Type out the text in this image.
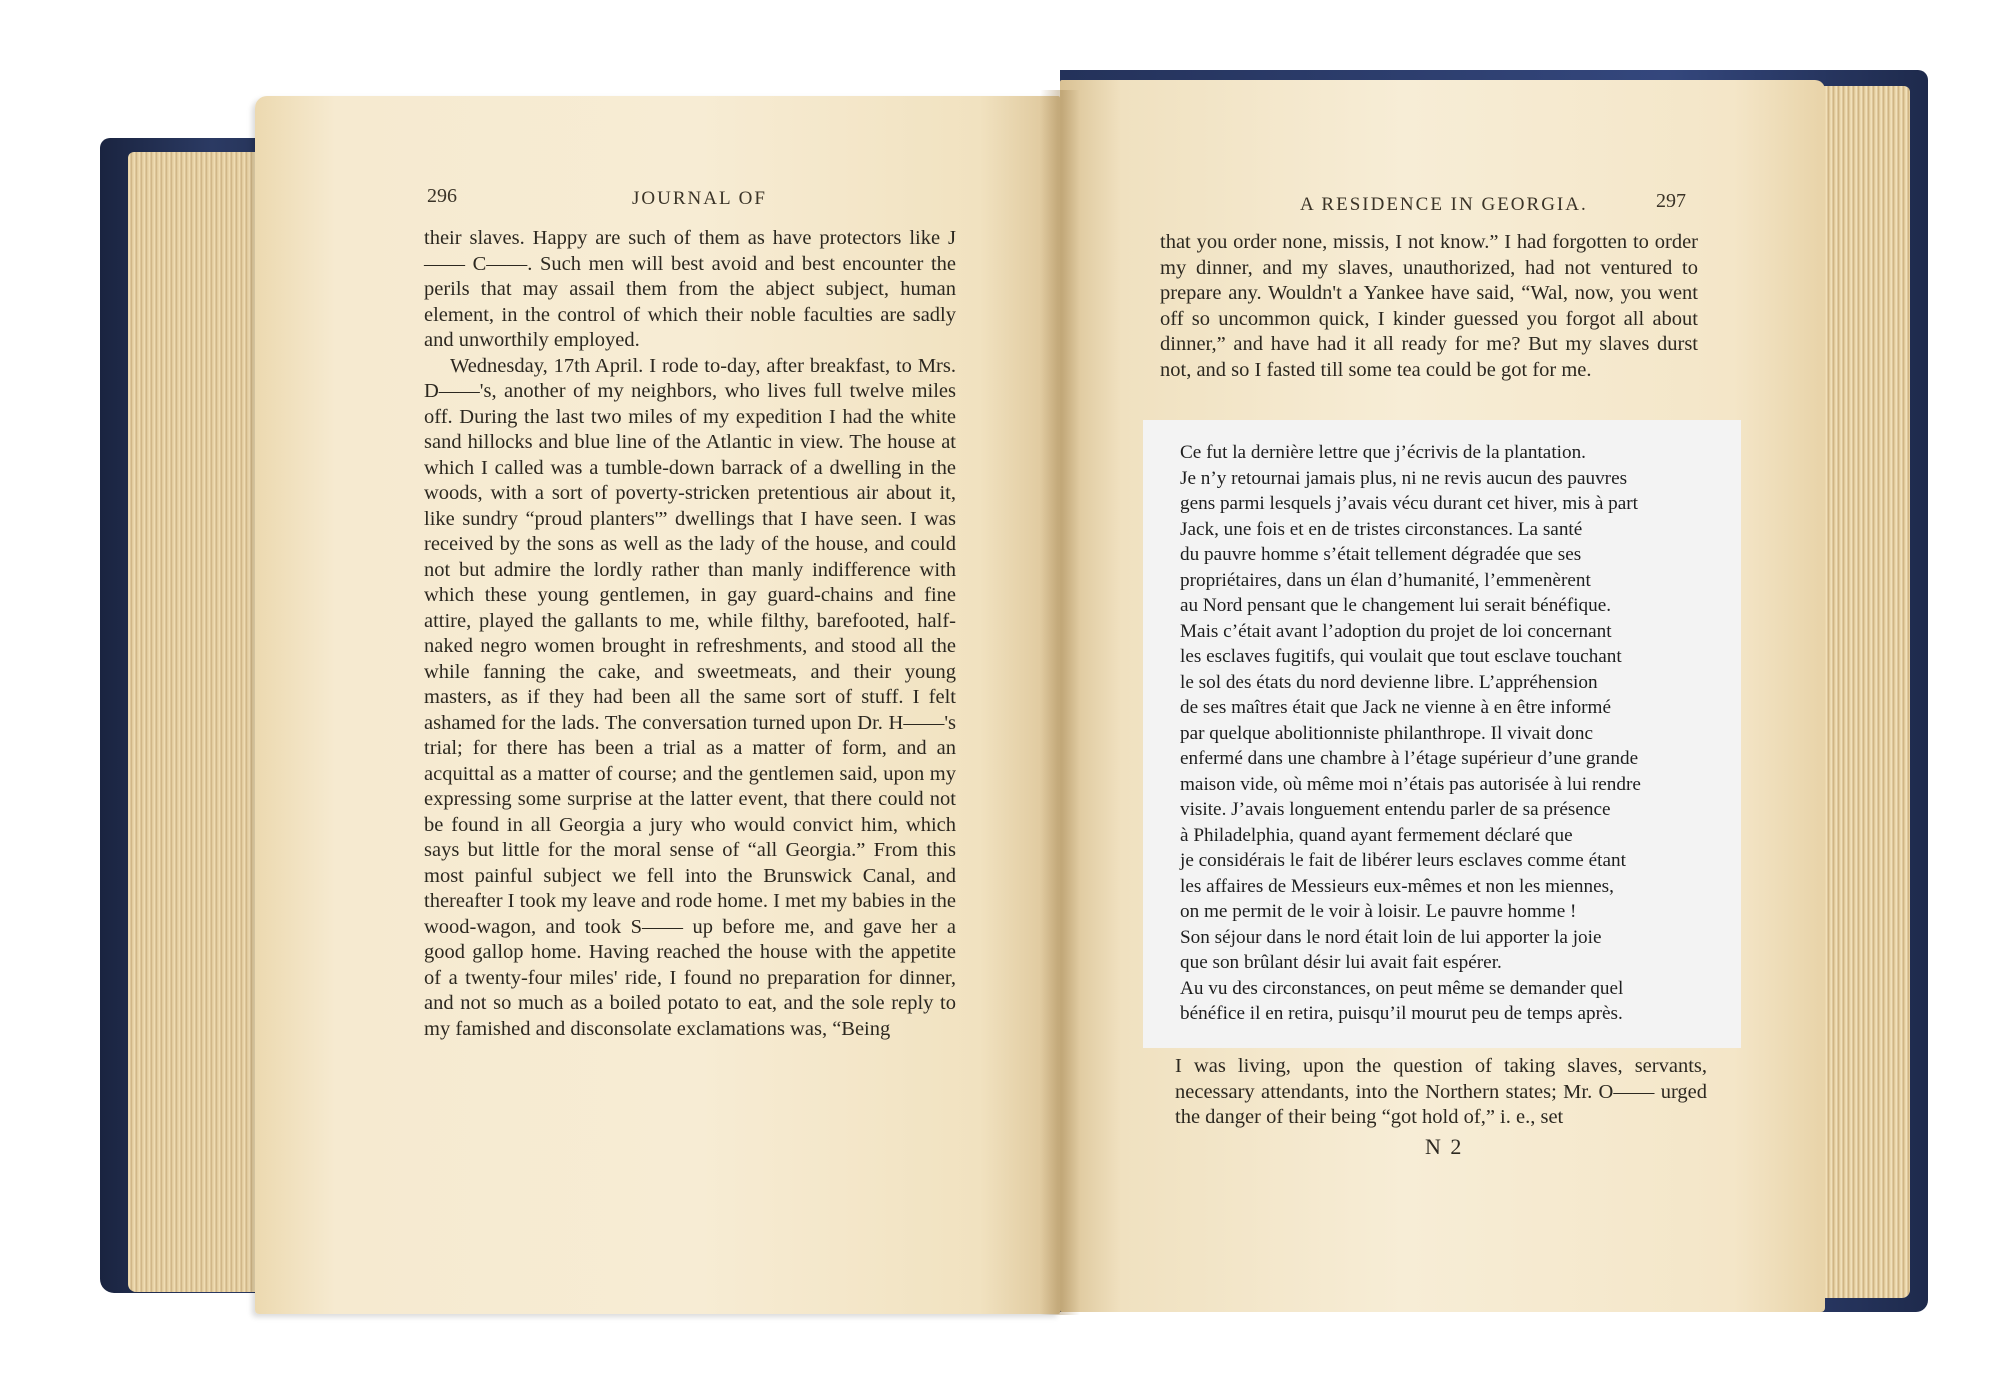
296	JOURNAL OF

their slaves. Happy are such of them as have protectors like J—— C——. Such men will best avoid and best encounter the perils that may assail them from the abject subject, human element, in the control of which their noble faculties are sadly and unworthily employed.

Wednesday, 17th April. I rode to-day, after breakfast, to Mrs. D——'s, another of my neighbors, who lives full twelve miles off. During the last two miles of my expedition I had the white sand hillocks and blue line of the Atlantic in view. The house at which I called was a tumble-down barrack of a dwelling in the woods, with a sort of poverty-stricken pretentious air about it, like sundry “proud planters'” dwellings that I have seen. I was received by the sons as well as the lady of the house, and could not but admire the lordly rather than manly indifference with which these young gentlemen, in gay guard-chains and fine attire, played the gallants to me, while filthy, barefooted, half-naked negro women brought in refreshments, and stood all the while fanning the cake, and sweetmeats, and their young masters, as if they had been all the same sort of stuff. I felt ashamed for the lads. The conversation turned upon Dr. H——'s trial; for there has been a trial as a matter of form, and an acquittal as a matter of course; and the gentlemen said, upon my expressing some surprise at the latter event, that there could not be found in all Georgia a jury who would convict him, which says but little for the moral sense of “all Georgia.” From this most painful subject we fell into the Brunswick Canal, and thereafter I took my leave and rode home. I met my babies in the wood-wagon, and took S—— up before me, and gave her a good gallop home. Having reached the house with the appetite of a twenty-four miles' ride, I found no preparation for dinner, and not so much as a boiled potato to eat, and the sole reply to my famished and disconsolate exclamations was, “Being

A RESIDENCE IN GEORGIA.	297

that you order none, missis, I not know.” I had forgotten to order my dinner, and my slaves, unauthorized, had not ventured to prepare any. Wouldn't a Yankee have said, “Wal, now, you went off so uncommon quick, I kinder guessed you forgot all about dinner,” and have had it all ready for me? But my slaves durst not, and so I fasted till some tea could be got for me.

Ce fut la dernière lettre que j’écrivis de la plantation.
Je n’y retournai jamais plus, ni ne revis aucun des pauvres
gens parmi lesquels j’avais vécu durant cet hiver, mis à part
Jack, une fois et en de tristes circonstances. La santé
du pauvre homme s’était tellement dégradée que ses
propriétaires, dans un élan d’humanité, l’emmenèrent
au Nord pensant que le changement lui serait bénéfique.
Mais c’était avant l’adoption du projet de loi concernant
les esclaves fugitifs, qui voulait que tout esclave touchant
le sol des états du nord devienne libre. L’appréhension
de ses maîtres était que Jack ne vienne à en être informé
par quelque abolitionniste philanthrope. Il vivait donc
enfermé dans une chambre à l’étage supérieur d’une grande
maison vide, où même moi n’étais pas autorisée à lui rendre
visite. J’avais longuement entendu parler de sa présence
à Philadelphia, quand ayant fermement déclaré que
je considérais le fait de libérer leurs esclaves comme étant
les affaires de Messieurs eux-mêmes et non les miennes,
on me permit de le voir à loisir. Le pauvre homme !
Son séjour dans le nord était loin de lui apporter la joie
que son brûlant désir lui avait fait espérer.
Au vu des circonstances, on peut même se demander quel
bénéfice il en retira, puisqu’il mourut peu de temps après.

I was living, upon the question of taking slaves, servants, necessary attendants, into the Northern states; Mr. O—— urged the danger of their being “got hold of,” i. e., set

N 2
